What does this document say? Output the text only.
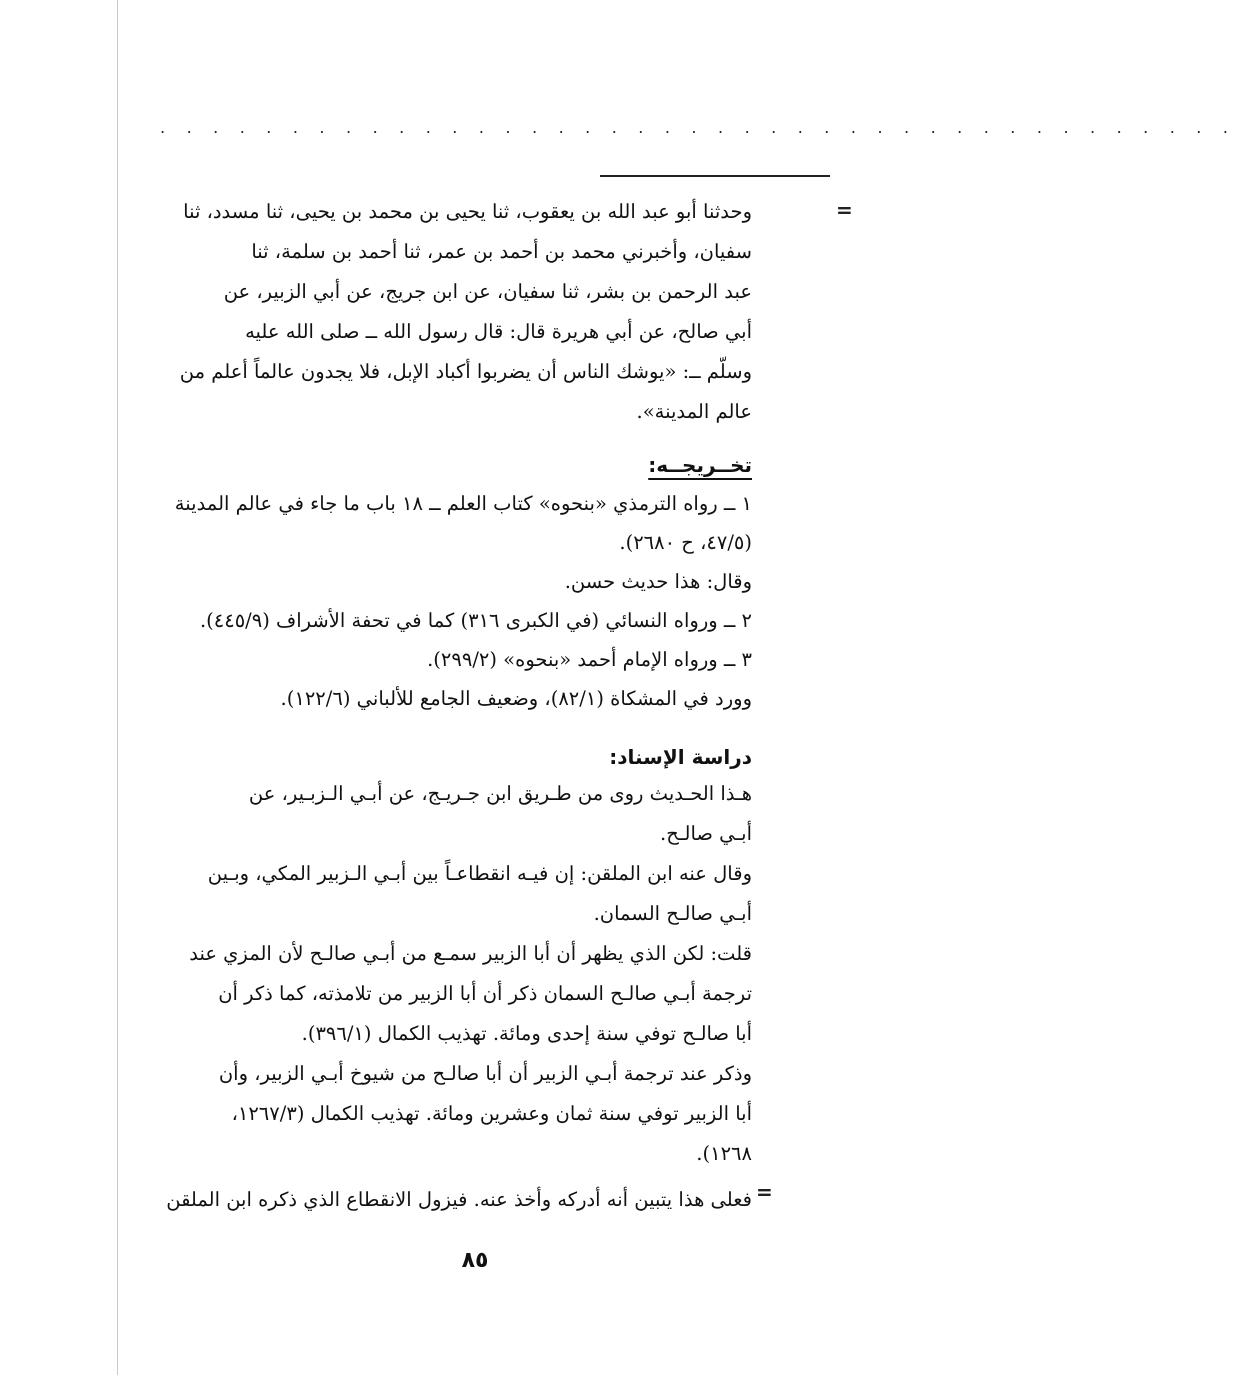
. . . . . . . . . . . . . . . . . . . . . . . . . . . . . . . . . . . . . . . . .
=
وحدثنا أبو عبد الله بن يعقوب، ثنا يحيى بن محمد بن يحيى، ثنا مسدد، ثنا
سفيان، وأخبرني محمد بن أحمد بن عمر، ثنا أحمد بن سلمة، ثنا
عبد الرحمن بن بشر، ثنا سفيان، عن ابن جريج، عن أبي الزبير، عن
أبي صالح، عن أبي هريرة قال: قال رسول الله ــ صلى الله عليه
وسلّم ــ: «يوشك الناس أن يضربوا أكباد الإبل، فلا يجدون عالماً أعلم من
عالم المدينة».
تخــريجــه:
١ ــ رواه الترمذي «بنحوه» كتاب العلم ــ ١٨ باب ما جاء في عالم المدينة
(٤٧/٥، ح ٢٦٨٠).
وقال: هذا حديث حسن.
٢ ــ ورواه النسائي (في الكبرى ٣١٦) كما في تحفة الأشراف (٤٤٥/٩).
٣ ــ ورواه الإمام أحمد «بنحوه» (٢٩٩/٢).
وورد في المشكاة (٨٢/١)، وضعيف الجامع للألباني (١٢٢/٦).
دراسة الإسناد:
هـذا الحـديث روى من طـريق ابن جـريـج، عن أبـي الـزبـير، عن
أبـي صالـح.
وقال عنه ابن الملقن: إن فيـه انقطاعـاً بين أبـي الـزبير المكي، وبـين
أبـي صالـح السمان.
قلت: لكن الذي يظهر أن أبا الزبير سمـع من أبـي صالـح لأن المزي عند
ترجمة أبـي صالـح السمان ذكر أن أبا الزبير من تلامذته، كما ذكر أن
أبا صالـح توفي سنة إحدى ومائة. تهذيب الكمال (٣٩٦/١).
وذكر عند ترجمة أبـي الزبير أن أبا صالـح من شيوخ أبـي الزبير، وأن
أبا الزبير توفي سنة ثمان وعشرين ومائة. تهذيب الكمال (١٢٦٧/٣،
١٢٦٨).
فعلى هذا يتبين أنه أدركه وأخذ عنه. فيزول الانقطاع الذي ذكره ابن الملقن =
٨٥
